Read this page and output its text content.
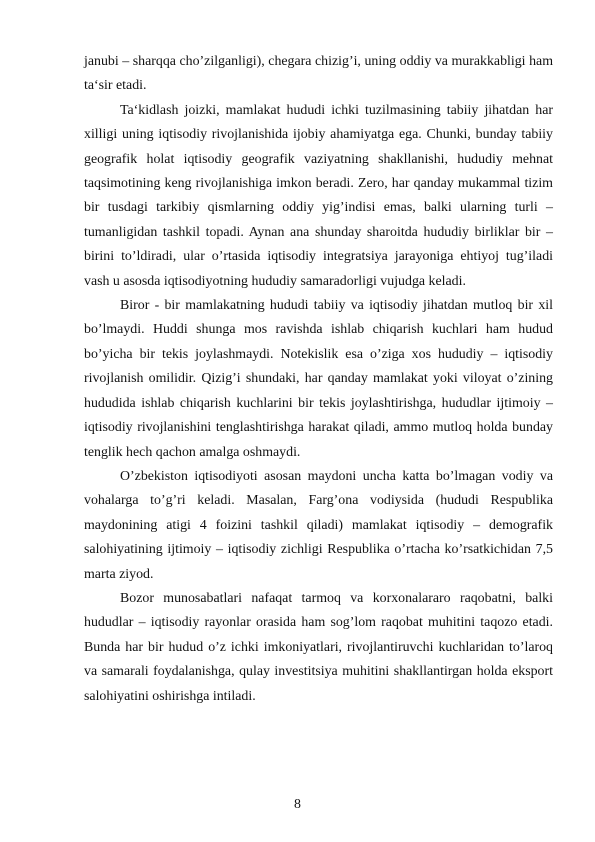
janubi – sharqqa cho’zilganligi), chegara chizig’i, uning oddiy va murakkabligi ham ta‘sir etadi.

Ta‘kidlash joizki, mamlakat hududi ichki tuzilmasining tabiiy jihatdan har xilligi uning iqtisodiy rivojlanishida ijobiy ahamiyatga ega. Chunki, bunday tabiiy geografik holat iqtisodiy geografik vaziyatning shakllanishi, hududiy mehnat taqsimotining keng rivojlanishiga imkon beradi. Zero, har qanday mukammal tizim bir tusdagi tarkibiy qismlarning oddiy yig’indisi emas, balki ularning turli – tumanligidan tashkil topadi. Aynan ana shunday sharoitda hududiy birliklar bir – birini to’ldiradi, ular o’rtasida iqtisodiy integratsiya jarayoniga ehtiyoj tug’iladi vash u asosda iqtisodiyotning hududiy samaradorligi vujudga keladi.

Biror - bir mamlakatning hududi tabiiy va iqtisodiy jihatdan mutloq bir xil bo’lmaydi. Huddi shunga mos ravishda ishlab chiqarish kuchlari ham hudud bo’yicha bir tekis joylashmaydi. Notekislik esa o’ziga xos hududiy – iqtisodiy rivojlanish omilidir. Qizig’i shundaki, har qanday mamlakat yoki viloyat o’zining hududida ishlab chiqarish kuchlarini bir tekis joylashtirishga, hududlar ijtimoiy – iqtisodiy rivojlanishini tenglashtirishga harakat qiladi, ammo mutloq holda bunday tenglik hech qachon amalga oshmaydi.

O’zbekiston iqtisodiyoti asosan maydoni uncha katta bo’lmagan vodiy va vohalarga to’g’ri keladi. Masalan, Farg’ona vodiysida (hududi Respublika maydonining atigi 4 foizini tashkil qiladi) mamlakat iqtisodiy – demografik salohiyatining ijtimoiy – iqtisodiy zichligi Respublika o’rtacha ko’rsatkichidan 7,5 marta ziyod.

Bozor munosabatlari nafaqat tarmoq va korxonalararo raqobatni, balki hududlar – iqtisodiy rayonlar orasida ham sog’lom raqobat muhitini taqozo etadi. Bunda har bir hudud o’z ichki imkoniyatlari, rivojlantiruvchi kuchlaridan to’laroq va samarali foydalanishga, qulay investitsiya muhitini shakllantirgan holda eksport salohiyatini oshirishga intiladi.

8
